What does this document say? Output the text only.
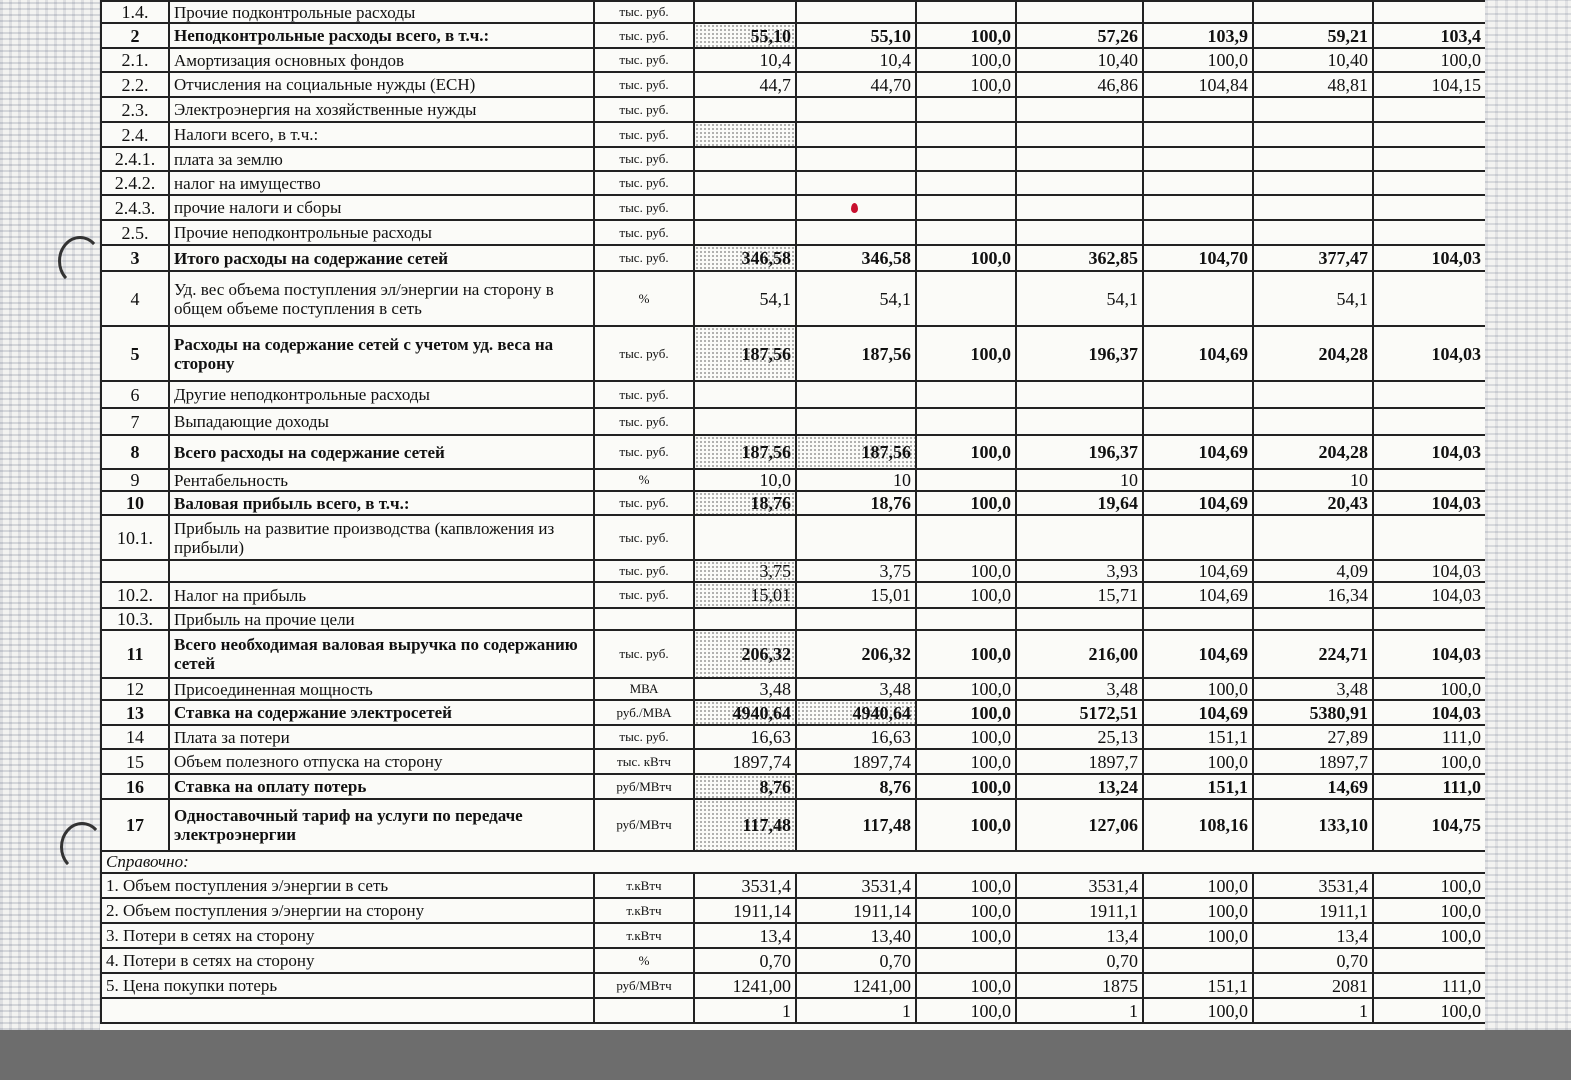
1.4.	Прочие подконтрольные расходы	тыс. руб.							
2	Неподконтрольные расходы всего, в т.ч.:	тыс. руб.	55,10	55,10	100,0	57,26	103,9	59,21	103,4
2.1.	Амортизация основных фондов	тыс. руб.	10,4	10,4	100,0	10,40	100,0	10,40	100,0
2.2.	Отчисления на социальные нужды (ЕСН)	тыс. руб.	44,7	44,70	100,0	46,86	104,84	48,81	104,15
2.3.	Электроэнергия на хозяйственные нужды	тыс. руб.							
2.4.	Налоги всего, в т.ч.:	тыс. руб.							
2.4.1.	плата за землю	тыс. руб.							
2.4.2.	налог на имущество	тыс. руб.							
2.4.3.	прочие налоги и сборы	тыс. руб.							
2.5.	Прочие неподконтрольные расходы	тыс. руб.							
3	Итого расходы на содержание сетей	тыс. руб.	346,58	346,58	100,0	362,85	104,70	377,47	104,03
4	Уд. вес объема поступления эл/энергии на сторону в общем объеме поступления в сеть	%	54,1	54,1		54,1		54,1	
5	Расходы на содержание сетей с учетом уд. веса на сторону	тыс. руб.	187,56	187,56	100,0	196,37	104,69	204,28	104,03
6	Другие неподконтрольные расходы	тыс. руб.							
7	Выпадающие доходы	тыс. руб.							
8	Всего расходы на содержание сетей	тыс. руб.	187,56	187,56	100,0	196,37	104,69	204,28	104,03
9	Рентабельность	%	10,0	10		10		10	
10	Валовая прибыль всего, в т.ч.:	тыс. руб.	18,76	18,76	100,0	19,64	104,69	20,43	104,03
10.1.	Прибыль на развитие производства (капвложения из прибыли)	тыс. руб.							
		тыс. руб.	3,75	3,75	100,0	3,93	104,69	4,09	104,03
10.2.	Налог на прибыль	тыс. руб.	15,01	15,01	100,0	15,71	104,69	16,34	104,03
10.3.	Прибыль на прочие цели								
11	Всего необходимая валовая выручка по содержанию сетей	тыс. руб.	206,32	206,32	100,0	216,00	104,69	224,71	104,03
12	Присоединенная мощность	МВА	3,48	3,48	100,0	3,48	100,0	3,48	100,0
13	Ставка на содержание электросетей	руб./МВА	4940,64	4940,64	100,0	5172,51	104,69	5380,91	104,03
14	Плата за потери	тыс. руб.	16,63	16,63	100,0	25,13	151,1	27,89	111,0
15	Объем полезного отпуска на сторону	тыс. кВтч	1897,74	1897,74	100,0	1897,7	100,0	1897,7	100,0
16	Ставка на оплату потерь	руб/МВтч	8,76	8,76	100,0	13,24	151,1	14,69	111,0
17	Одноставочный тариф на услуги по передаче электроэнергии	руб/МВтч	117,48	117,48	100,0	127,06	108,16	133,10	104,75
Справочно:									
1. Объем поступления э/энергии в сеть		т.кВтч	3531,4	3531,4	100,0	3531,4	100,0	3531,4	100,0
2. Объем поступления э/энергии на сторону		т.кВтч	1911,14	1911,14	100,0	1911,1	100,0	1911,1	100,0
3. Потери в сетях на сторону		т.кВтч	13,4	13,40	100,0	13,4	100,0	13,4	100,0
4. Потери в сетях на сторону		%	0,70	0,70		0,70		0,70	
5. Цена покупки потерь		руб/МВтч	1241,00	1241,00	100,0	1875	151,1	2081	111,0
			1	1	100,0	1	100,0	1	100,0
